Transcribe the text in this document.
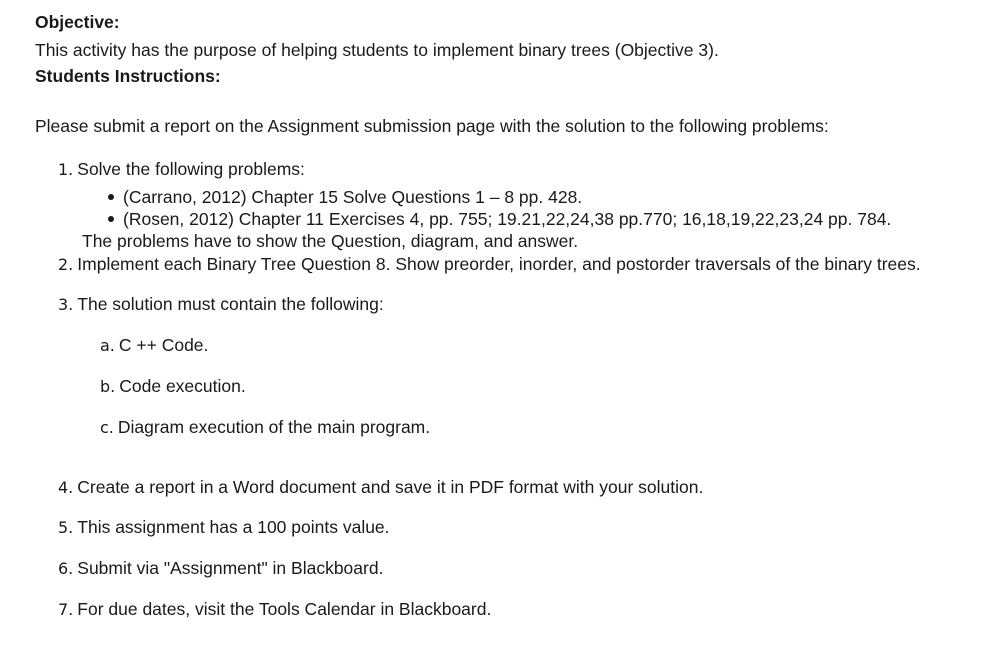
Objective:
This activity has the purpose of helping students to implement binary trees (Objective 3).
Students Instructions:
Please submit a report on the Assignment submission page with the solution to the following problems:
1. Solve the following problems:
(Carrano, 2012) Chapter 15 Solve Questions 1 – 8 pp. 428.
(Rosen, 2012) Chapter 11 Exercises 4, pp. 755; 19.21,22,24,38 pp.770; 16,18,19,22,23,24 pp. 784.
The problems have to show the Question, diagram, and answer.
2. Implement each Binary Tree Question 8. Show preorder, inorder, and postorder traversals of the binary trees.
3. The solution must contain the following:
a. C ++ Code.
b. Code execution.
c. Diagram execution of the main program.
4. Create a report in a Word document and save it in PDF format with your solution.
5. This assignment has a 100 points value.
6. Submit via "Assignment" in Blackboard.
7. For due dates, visit the Tools Calendar in Blackboard.
